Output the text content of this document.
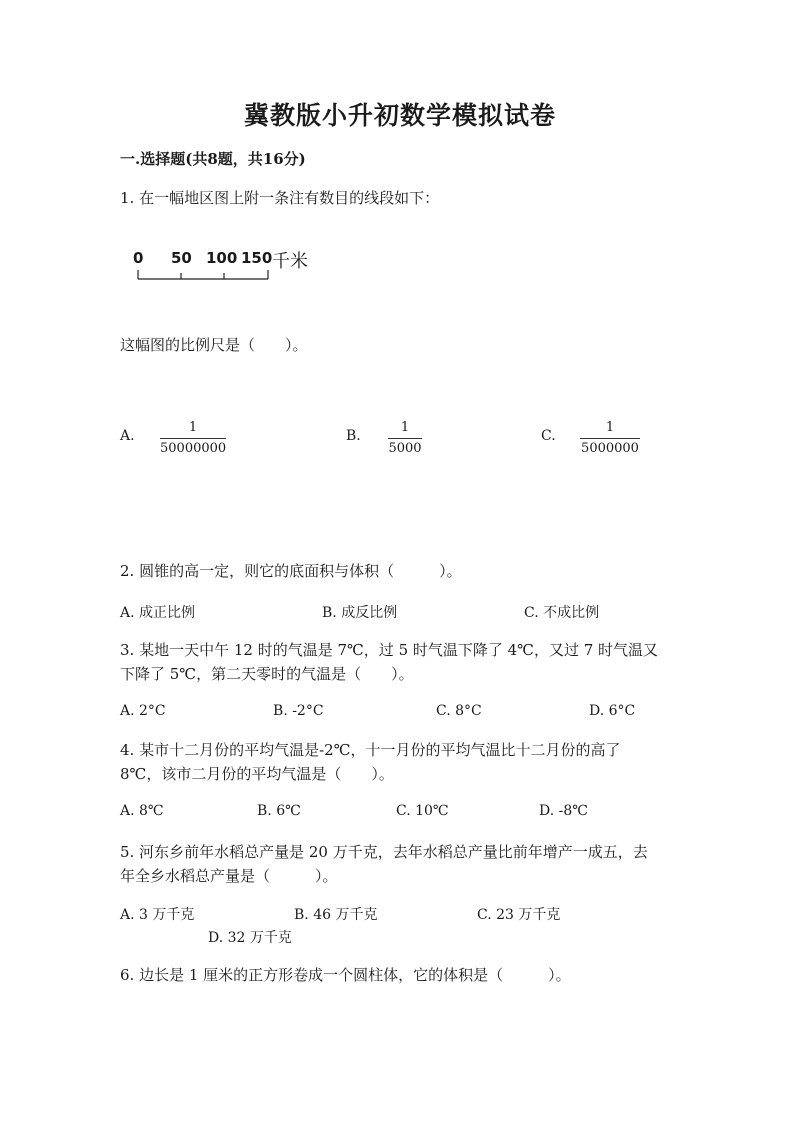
冀教版小升初数学模拟试卷
一.选择题(共8题，共16分)
1. 在一幅地区图上附一条注有数目的线段如下：
0 50 100 150 千米
这幅图的比例尺是（　　）。
A. $\frac{1}{50000000}$	B. $\frac{1}{5000}$	C. $\frac{1}{5000000}$
2. 圆锥的高一定，则它的底面积与体积（　　　）。
A. 成正比例	B. 成反比例	C. 不成比例
3. 某地一天中午 12 时的气温是 7℃，过 5 时气温下降了 4℃，又过 7 时气温又
下降了 5℃，第二天零时的气温是（　　）。
A. 2°C	B. -2°C	C. 8°C	D. 6°C
4. 某市十二月份的平均气温是-2℃，十一月份的平均气温比十二月份的高了
8℃，该市二月份的平均气温是（　　）。
A. 8℃	B. 6℃	C. 10℃	D. -8℃
5. 河东乡前年水稻总产量是 20 万千克，去年水稻总产量比前年增产一成五，去
年全乡水稻总产量是（　　　）。
A. 3 万千克	B. 46 万千克	C. 23 万千克
D. 32 万千克
6. 边长是 1 厘米的正方形卷成一个圆柱体，它的体积是（　　　）。
